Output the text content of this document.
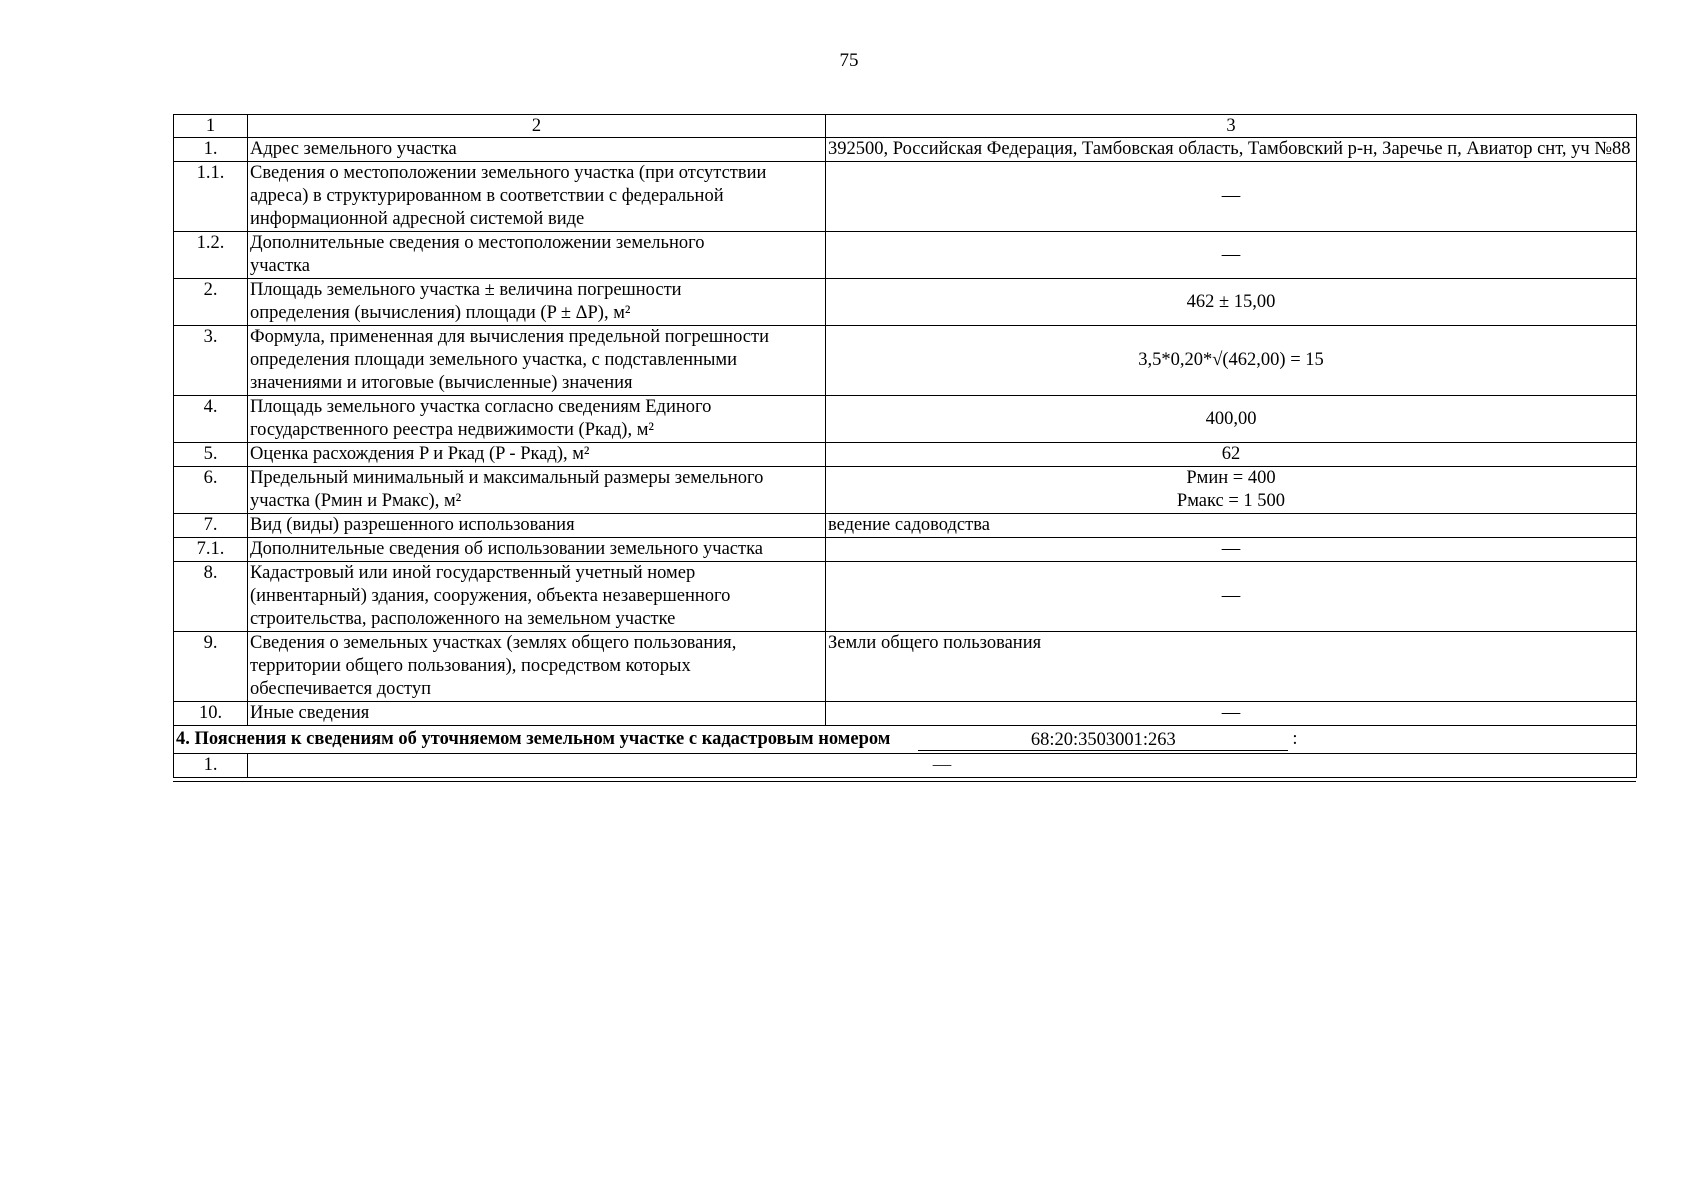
75
1	2	3
1.	Адрес земельного участка	392500, Российская Федерация, Тамбовская область, Тамбовский р-н, Заречье п, Авиатор снт, уч №88
1.1.	Сведения о местоположении земельного участка (при отсутствии
адреса) в структурированном в соответствии с федеральной
информационной адресной системой виде	—
1.2.	Дополнительные сведения о местоположении земельного
участка	—
2.	Площадь земельного участка ± величина погрешности
определения (вычисления) площади (P ± ΔP), м²	462 ± 15,00
3.	Формула, примененная для вычисления предельной погрешности
определения площади земельного участка, с подставленными
значениями и итоговые (вычисленные) значения	3,5*0,20*√(462,00) = 15
4.	Площадь земельного участка согласно сведениям Единого
государственного реестра недвижимости (Pкад), м²	400,00
5.	Оценка расхождения P и Pкад (P - Pкад), м²	62
6.	Предельный минимальный и максимальный размеры земельного
участка (Pмин и Pмакс), м²	Pмин = 400
Pмакс = 1 500
7.	Вид (виды) разрешенного использования	ведение садоводства
7.1.	Дополнительные сведения об использовании земельного участка	—
8.	Кадастровый или иной государственный учетный номер
(инвентарный) здания, сооружения, объекта незавершенного
строительства, расположенного на земельном участке	—
9.	Сведения о земельных участках (землях общего пользования,
территории общего пользования), посредством которых
обеспечивается доступ	Земли общего пользования
10.	Иные сведения	—

4. Пояснения к сведениям об уточняемом земельном участке с кадастровым номером 68:20:3503001:263 :		

1.	—	
